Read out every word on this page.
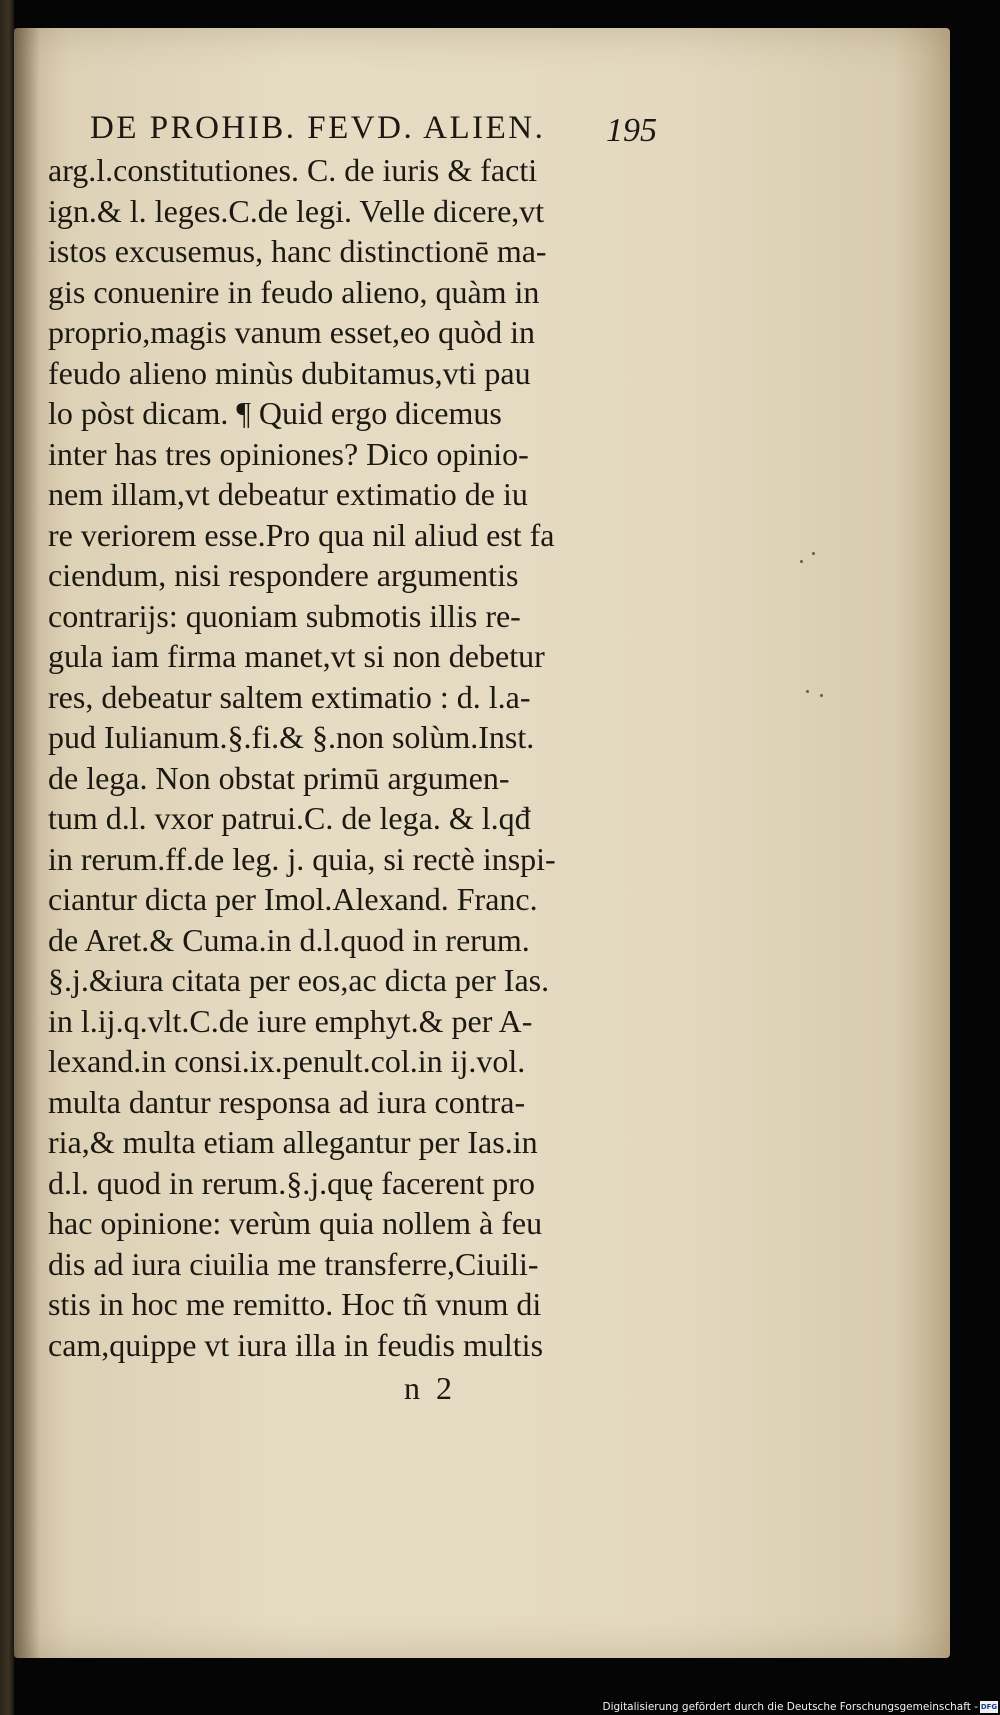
DE PROHIB. FEVD. ALIEN.	195
arg.l.constitutiones. C. de iuris & facti
ign.& l. leges.C.de legi. Velle dicere,vt
istos excusemus, hanc distinctionē ma-
gis conuenire in feudo alieno, quàm in
proprio,magis vanum esset,eo quòd in
feudo alieno minùs dubitamus,vti pau
lo pòst dicam. ¶ Quid ergo dicemus
inter has tres opiniones? Dico opinio-
nem illam,vt debeatur extimatio de iu
re veriorem esse.Pro qua nil aliud est fa
ciendum, nisi respondere argumentis
contrarijs: quoniam submotis illis re-
gula iam firma manet,vt si non debetur
res, debeatur saltem extimatio : d. l.a-
pud Iulianum.§.fi.& §.non solùm.Inst.
de lega. Non obstat primū argumen-
tum d.l. vxor patrui.C. de lega. & l.qđ
in rerum.ff.de leg. j. quia, si rectè inspi-
ciantur dicta per Imol.Alexand. Franc.
de Aret.& Cuma.in d.l.quod in rerum.
§.j.&iura citata per eos,ac dicta per Ias.
in l.ij.q.vlt.C.de iure emphyt.& per A-
lexand.in consi.ix.penult.col.in ij.vol.
multa dantur responsa ad iura contra-
ria,& multa etiam allegantur per Ias.in
d.l. quod in rerum.§.j.quę facerent pro
hac opinione: verùm quia nollem à feu
dis ad iura ciuilia me transferre,Ciuili-
stis in hoc me remitto. Hoc tñ vnum di
cam,quippe vt iura illa in feudis multis
n 2
Digitalisierung gefördert durch die Deutsche Forschungsgemeinschaft - DFG
